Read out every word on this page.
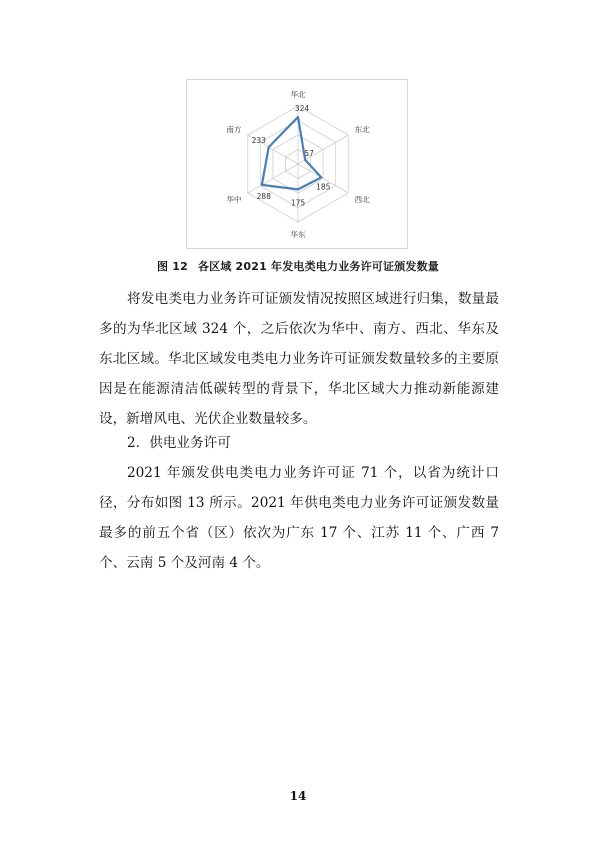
华北
东北
西北
华东
华中
南方
324
57
185
175
288
233
图 12 各区域 2021 年发电类电力业务许可证颁发数量

将发电类电力业务许可证颁发情况按照区域进行归集，数量最多的为华北区域 324 个，之后依次为华中、南方、西北、华东及东北区域。华北区域发电类电力业务许可证颁发数量较多的主要原因是在能源清洁低碳转型的背景下，华北区域大力推动新能源建设，新增风电、光伏企业数量较多。

2．供电业务许可

2021 年颁发供电类电力业务许可证 71 个，以省为统计口径，分布如图 13 所示。2021 年供电类电力业务许可证颁发数量最多的前五个省（区）依次为广东 17 个、江苏 11 个、广西 7 个、云南 5 个及河南 4 个。

14
